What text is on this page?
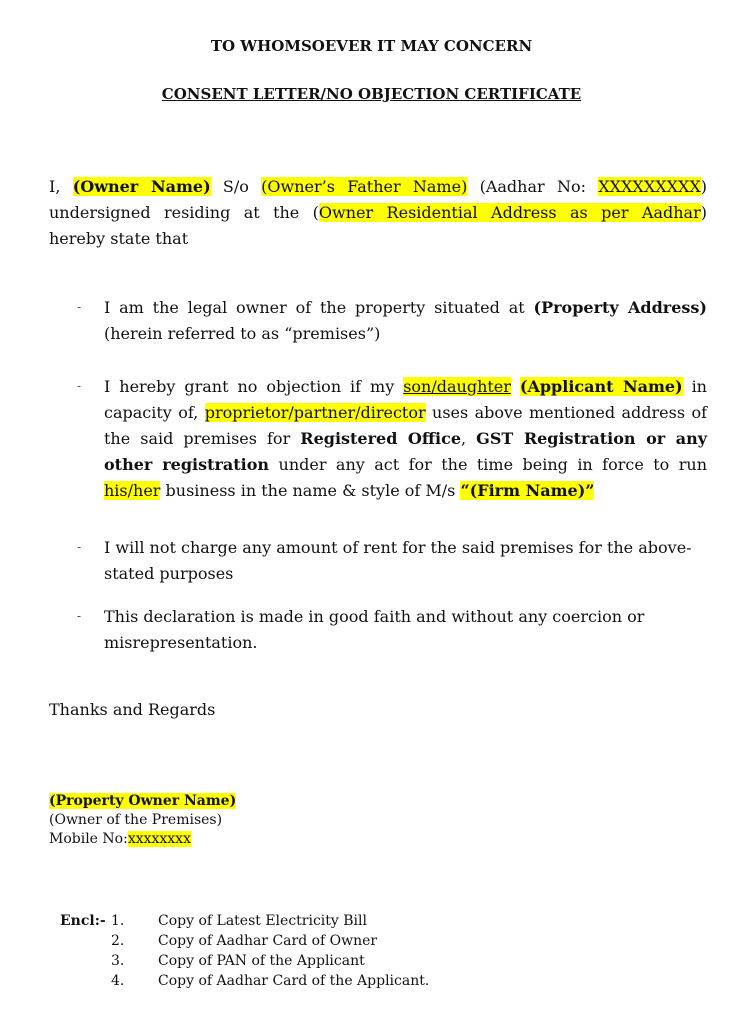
TO WHOMSOEVER IT MAY CONCERN
CONSENT LETTER/NO OBJECTION CERTIFICATE
I, (Owner Name) S/o (Owner’s Father Name) (Aadhar No: XXXXXXXXX)
undersigned residing at the (Owner Residential Address as per Aadhar)
hereby state that
- I am the legal owner of the property situated at (Property Address) (herein referred to as “premises”)
- I hereby grant no objection if my son/daughter (Applicant Name) in capacity of, proprietor/partner/director uses above mentioned address of the said premises for Registered Office, GST Registration or any other registration under any act for the time being in force to run his/her business in the name & style of M/s “(Firm Name)”
- I will not charge any amount of rent for the said premises for the above-stated purposes
- This declaration is made in good faith and without any coercion or misrepresentation.
Thanks and Regards
(Property Owner Name)
(Owner of the Premises)
Mobile No:xxxxxxxx
Encl:- 1. Copy of Latest Electricity Bill
2. Copy of Aadhar Card of Owner
3. Copy of PAN of the Applicant
4. Copy of Aadhar Card of the Applicant.
